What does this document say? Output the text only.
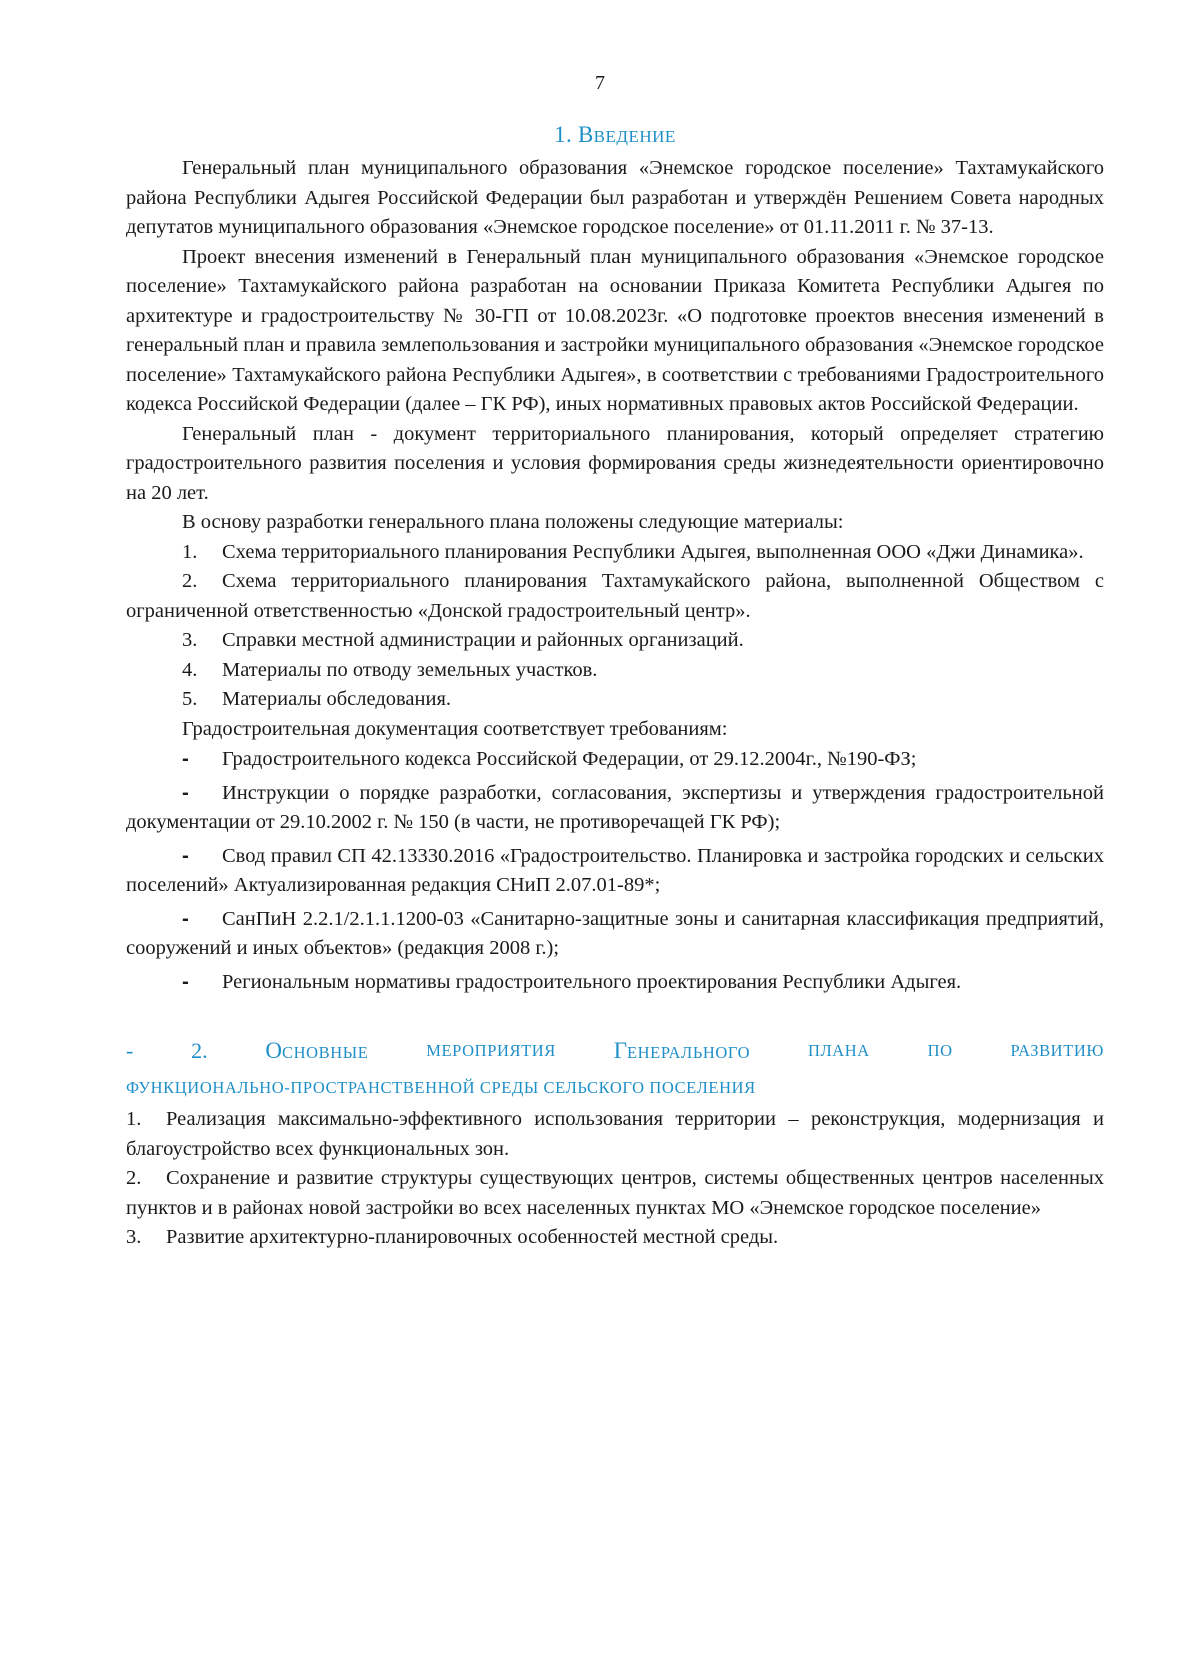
7
1. ВВЕДЕНИЕ

Генеральный план муниципального образования «Энемское городское поселение» Тахтамукайского района Республики Адыгея Российской Федерации был разработан и утверждён Решением Совета народных депутатов муниципального образования «Энемское городское поселение» от 01.11.2011 г. № 37-13.

Проект внесения изменений в Генеральный план муниципального образования «Энемское городское поселение» Тахтамукайского района разработан на основании Приказа Комитета Республики Адыгея по архитектуре и градостроительству № 30-ГП от 10.08.2023г. «О подготовке проектов внесения изменений в генеральный план и правила землепользования и застройки муниципального образования «Энемское городское поселение» Тахтамукайского района Республики Адыгея», в соответствии с требованиями Градостроительного кодекса Российской Федерации (далее – ГК РФ), иных нормативных правовых актов Российской Федерации.

Генеральный план - документ территориального планирования, который определяет стратегию градостроительного развития поселения и условия формирования среды жизнедеятельности ориентировочно на 20 лет.

В основу разработки генерального плана положены следующие материалы:

1. Схема территориального планирования Республики Адыгея, выполненная ООО «Джи Динамика».

2. Схема территориального планирования Тахтамукайского района, выполненной Обществом с ограниченной ответственностью «Донской градостроительный центр».

3. Справки местной администрации и районных организаций.

4. Материалы по отводу земельных участков.

5. Материалы обследования.

Градостроительная документация соответствует требованиям:

- Градостроительного кодекса Российской Федерации, от 29.12.2004г., №190-ФЗ;

- Инструкции о порядке разработки, согласования, экспертизы и утверждения градостроительной документации от 29.10.2002 г. № 150 (в части, не противоречащей ГК РФ);

- Свод правил СП 42.13330.2016 «Градостроительство. Планировка и застройка городских и сельских поселений» Актуализированная редакция СНиП 2.07.01-89*;

- СанПиН 2.2.1/2.1.1.1200-03 «Санитарно-защитные зоны и санитарная классификация предприятий, сооружений и иных объектов» (редакция 2008 г.);

- Региональным нормативы градостроительного проектирования Республики Адыгея.

-	2.	ОСНОВНЫЕ	МЕРОПРИЯТИЯ	ГЕНЕРАЛЬНОГО	ПЛАНА	ПО	РАЗВИТИЮ
ФУНКЦИОНАЛЬНО-ПРОСТРАНСТВЕННОЙ СРЕДЫ СЕЛЬСКОГО ПОСЕЛЕНИЯ

1. Реализация максимально-эффективного использования территории – реконструкция, модернизация и благоустройство всех функциональных зон.

2. Сохранение и развитие структуры существующих центров, системы общественных центров населенных пунктов и в районах новой застройки во всех населенных пунктах МО «Энемское городское поселение»

3. Развитие архитектурно-планировочных особенностей местной среды.
